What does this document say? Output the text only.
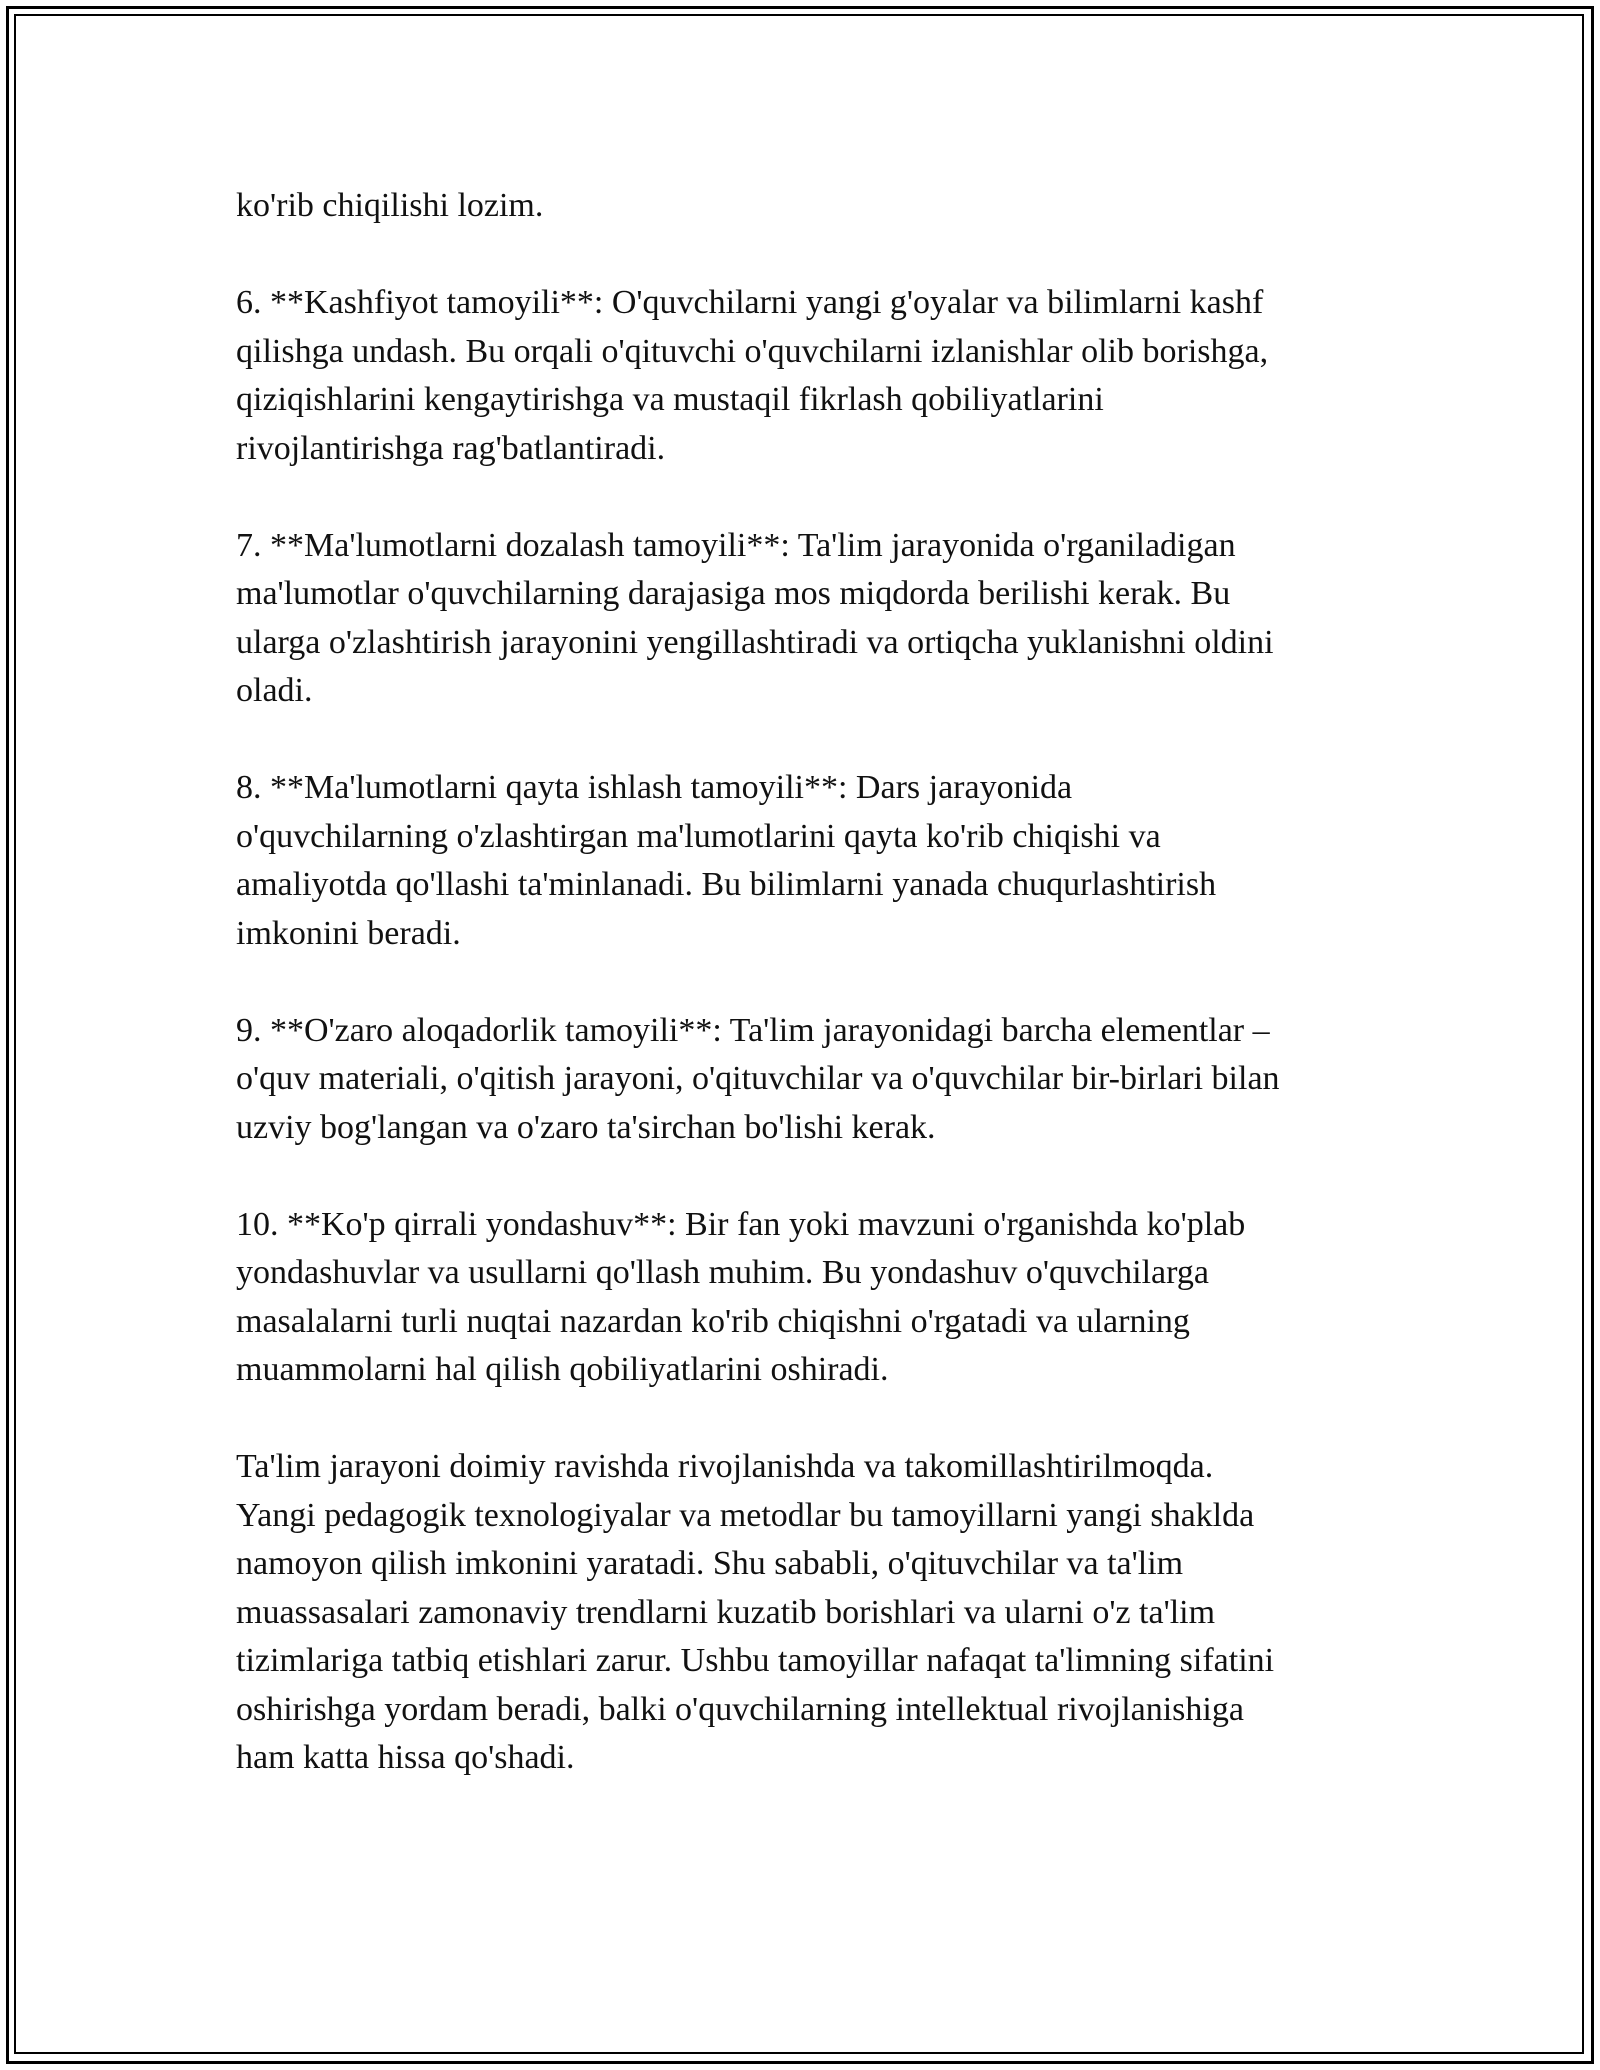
ko'rib chiqilishi lozim.

6. **Kashfiyot tamoyili**: O'quvchilarni yangi g'oyalar va bilimlarni kashf
qilishga undash. Bu orqali o'qituvchi o'quvchilarni izlanishlar olib borishga,
qiziqishlarini kengaytirishga va mustaqil fikrlash qobiliyatlarini
rivojlantirishga rag'batlantiradi.

7. **Ma'lumotlarni dozalash tamoyili**: Ta'lim jarayonida o'rganiladigan
ma'lumotlar o'quvchilarning darajasiga mos miqdorda berilishi kerak. Bu
ularga o'zlashtirish jarayonini yengillashtiradi va ortiqcha yuklanishni oldini
oladi.

8. **Ma'lumotlarni qayta ishlash tamoyili**: Dars jarayonida
o'quvchilarning o'zlashtirgan ma'lumotlarini qayta ko'rib chiqishi va
amaliyotda qo'llashi ta'minlanadi. Bu bilimlarni yanada chuqurlashtirish
imkonini beradi.

9. **O'zaro aloqadorlik tamoyili**: Ta'lim jarayonidagi barcha elementlar –
o'quv materiali, o'qitish jarayoni, o'qituvchilar va o'quvchilar bir-birlari bilan
uzviy bog'langan va o'zaro ta'sirchan bo'lishi kerak.

10. **Ko'p qirrali yondashuv**: Bir fan yoki mavzuni o'rganishda ko'plab
yondashuvlar va usullarni qo'llash muhim. Bu yondashuv o'quvchilarga
masalalarni turli nuqtai nazardan ko'rib chiqishni o'rgatadi va ularning
muammolarni hal qilish qobiliyatlarini oshiradi.

Ta'lim jarayoni doimiy ravishda rivojlanishda va takomillashtirilmoqda.
Yangi pedagogik texnologiyalar va metodlar bu tamoyillarni yangi shaklda
namoyon qilish imkonini yaratadi. Shu sababli, o'qituvchilar va ta'lim
muassasalari zamonaviy trendlarni kuzatib borishlari va ularni o'z ta'lim
tizimlariga tatbiq etishlari zarur. Ushbu tamoyillar nafaqat ta'limning sifatini
oshirishga yordam beradi, balki o'quvchilarning intellektual rivojlanishiga
ham katta hissa qo'shadi.
